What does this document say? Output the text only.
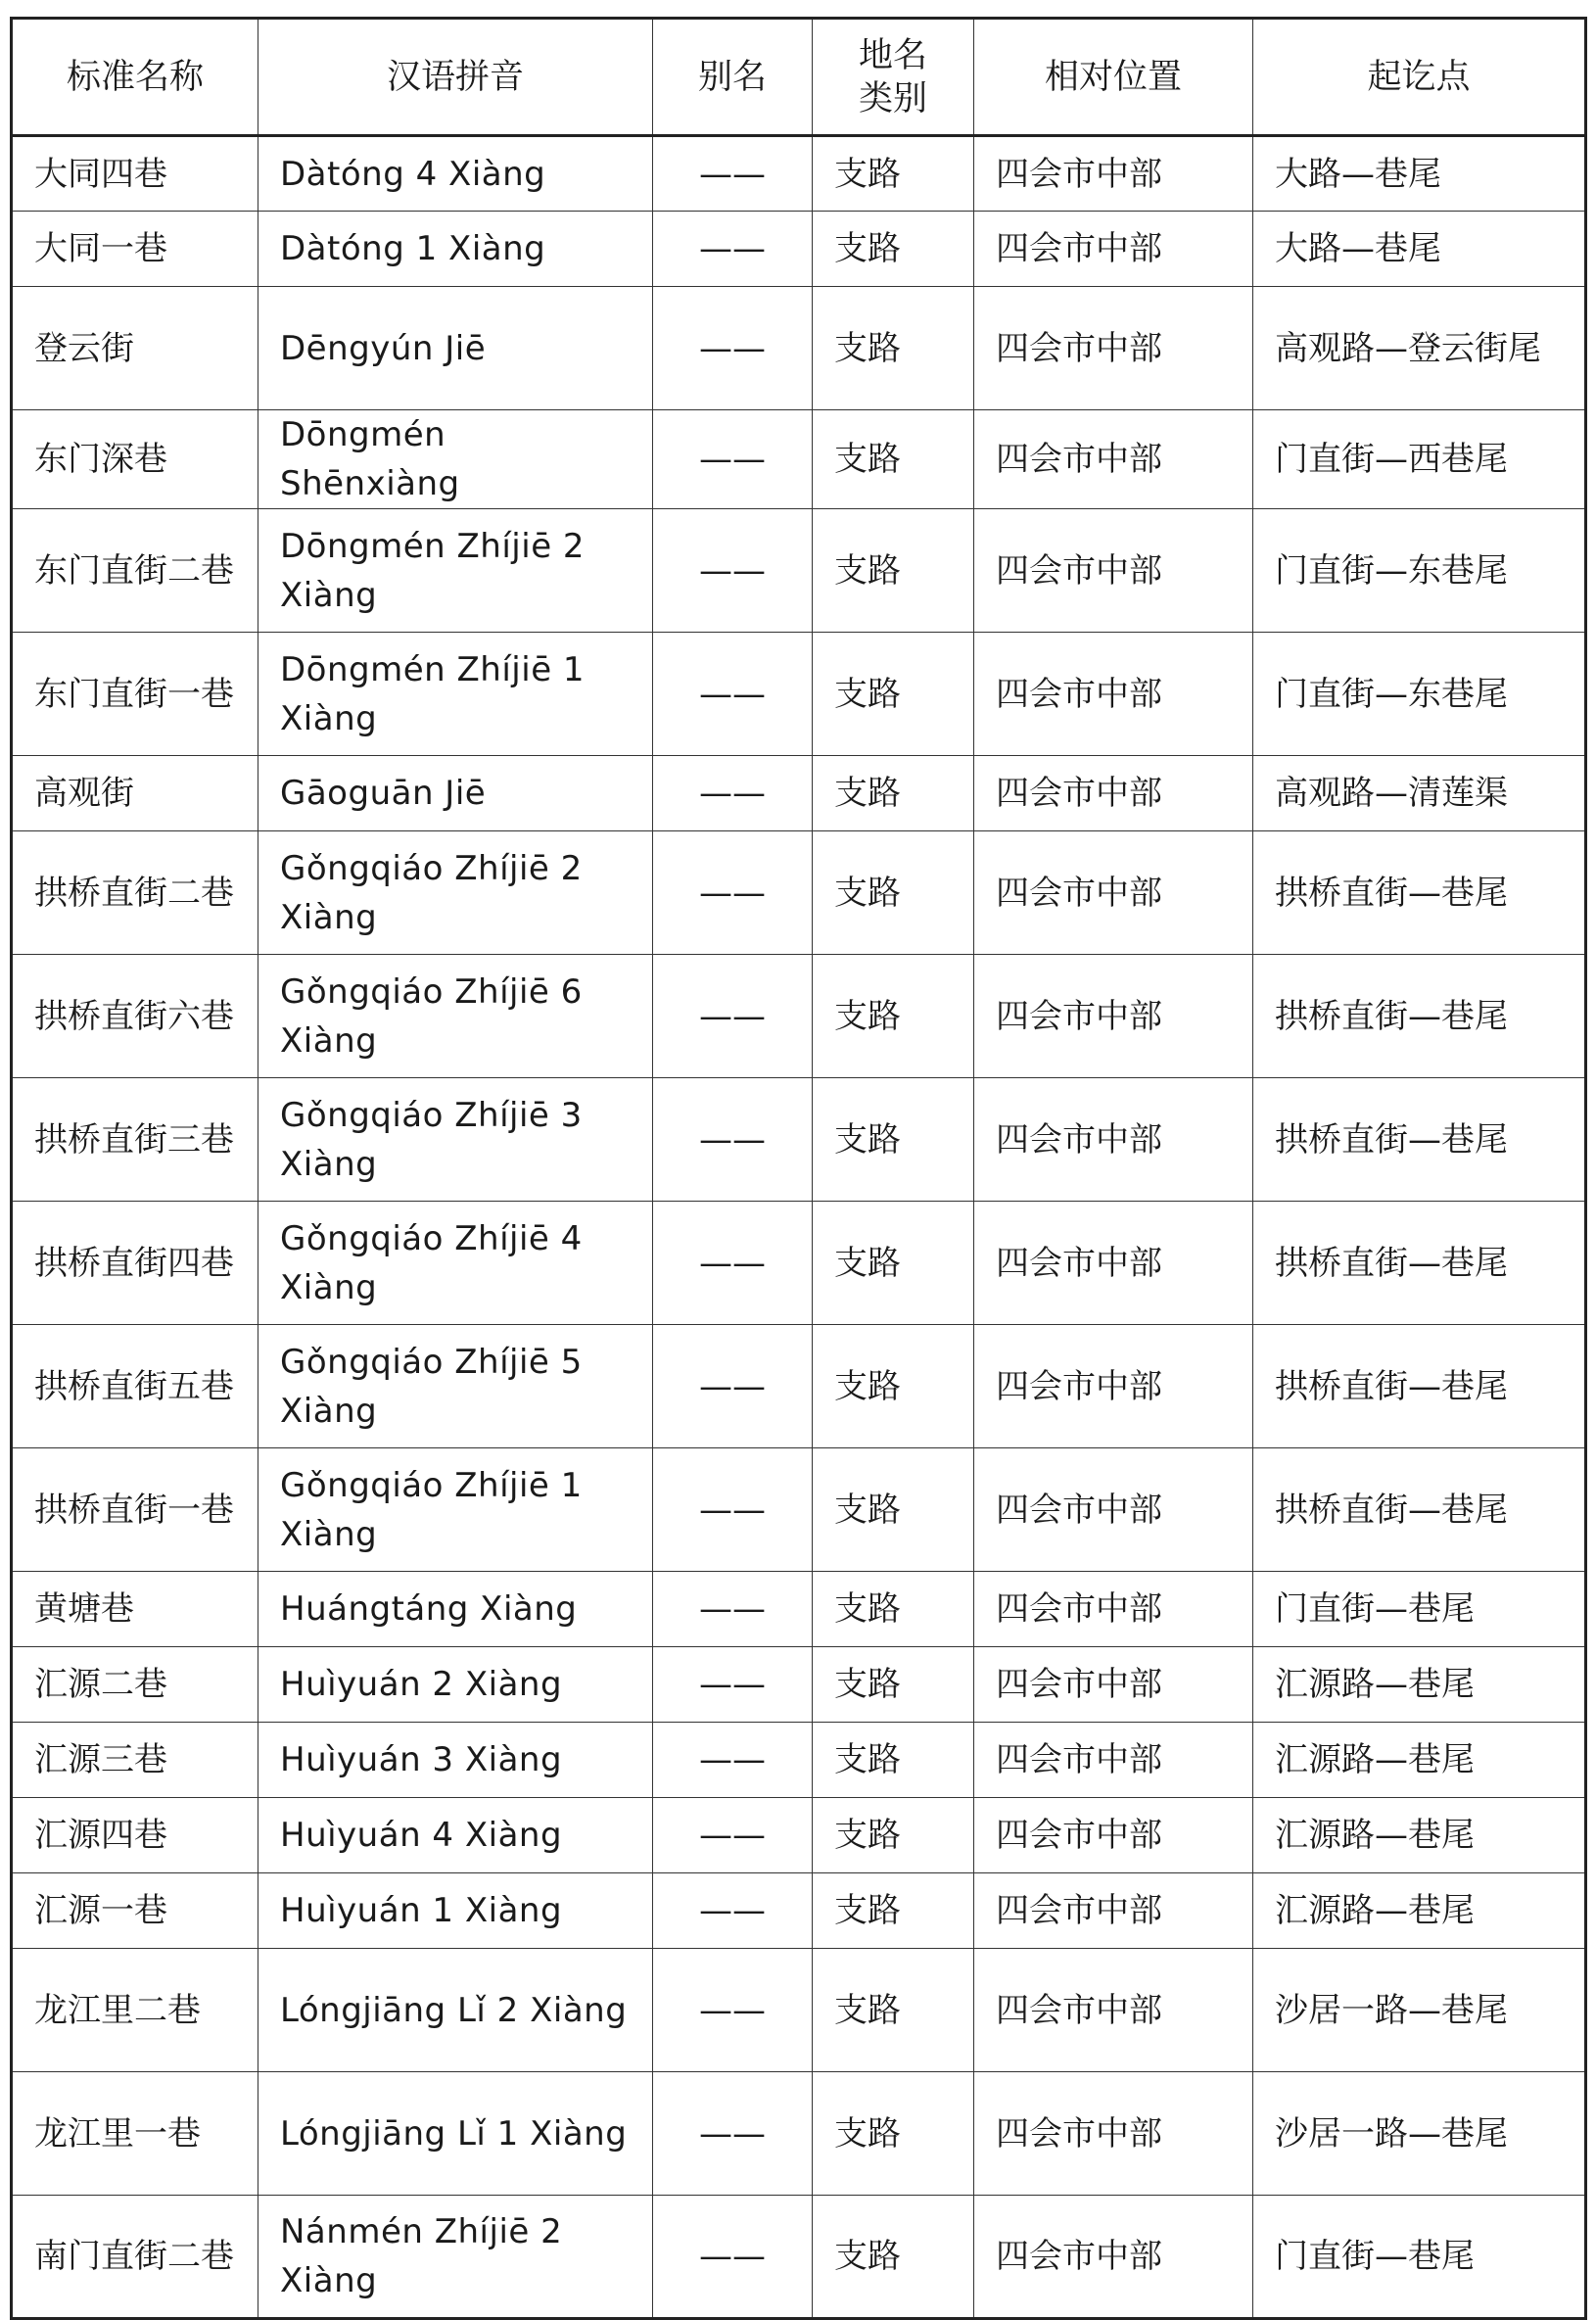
标准名称	汉语拼音	别名	地名类别	相对位置	起讫点
大同四巷	Dàtóng 4 Xiàng	——	支路	四会市中部	大路—巷尾
大同一巷	Dàtóng 1 Xiàng	——	支路	四会市中部	大路—巷尾
登云街	Dēngyún Jiē	——	支路	四会市中部	高观路—登云街尾
东门深巷	Dōngmén Shēnxiàng	——	支路	四会市中部	门直街—西巷尾
东门直街二巷	Dōngmén Zhíjiē 2 Xiàng	——	支路	四会市中部	门直街—东巷尾
东门直街一巷	Dōngmén Zhíjiē 1 Xiàng	——	支路	四会市中部	门直街—东巷尾
高观街	Gāoguān Jiē	——	支路	四会市中部	高观路—清莲渠
拱桥直街二巷	Gǒngqiáo Zhíjiē 2 Xiàng	——	支路	四会市中部	拱桥直街—巷尾
拱桥直街六巷	Gǒngqiáo Zhíjiē 6 Xiàng	——	支路	四会市中部	拱桥直街—巷尾
拱桥直街三巷	Gǒngqiáo Zhíjiē 3 Xiàng	——	支路	四会市中部	拱桥直街—巷尾
拱桥直街四巷	Gǒngqiáo Zhíjiē 4 Xiàng	——	支路	四会市中部	拱桥直街—巷尾
拱桥直街五巷	Gǒngqiáo Zhíjiē 5 Xiàng	——	支路	四会市中部	拱桥直街—巷尾
拱桥直街一巷	Gǒngqiáo Zhíjiē 1 Xiàng	——	支路	四会市中部	拱桥直街—巷尾
黄塘巷	Huángtáng Xiàng	——	支路	四会市中部	门直街—巷尾
汇源二巷	Huìyuán 2 Xiàng	——	支路	四会市中部	汇源路—巷尾
汇源三巷	Huìyuán 3 Xiàng	——	支路	四会市中部	汇源路—巷尾
汇源四巷	Huìyuán 4 Xiàng	——	支路	四会市中部	汇源路—巷尾
汇源一巷	Huìyuán 1 Xiàng	——	支路	四会市中部	汇源路—巷尾
龙江里二巷	Lóngjiāng Lǐ 2 Xiàng	——	支路	四会市中部	沙居一路—巷尾
龙江里一巷	Lóngjiāng Lǐ 1 Xiàng	——	支路	四会市中部	沙居一路—巷尾
南门直街二巷	Nánmén Zhíjiē 2 Xiàng	——	支路	四会市中部	门直街—巷尾
